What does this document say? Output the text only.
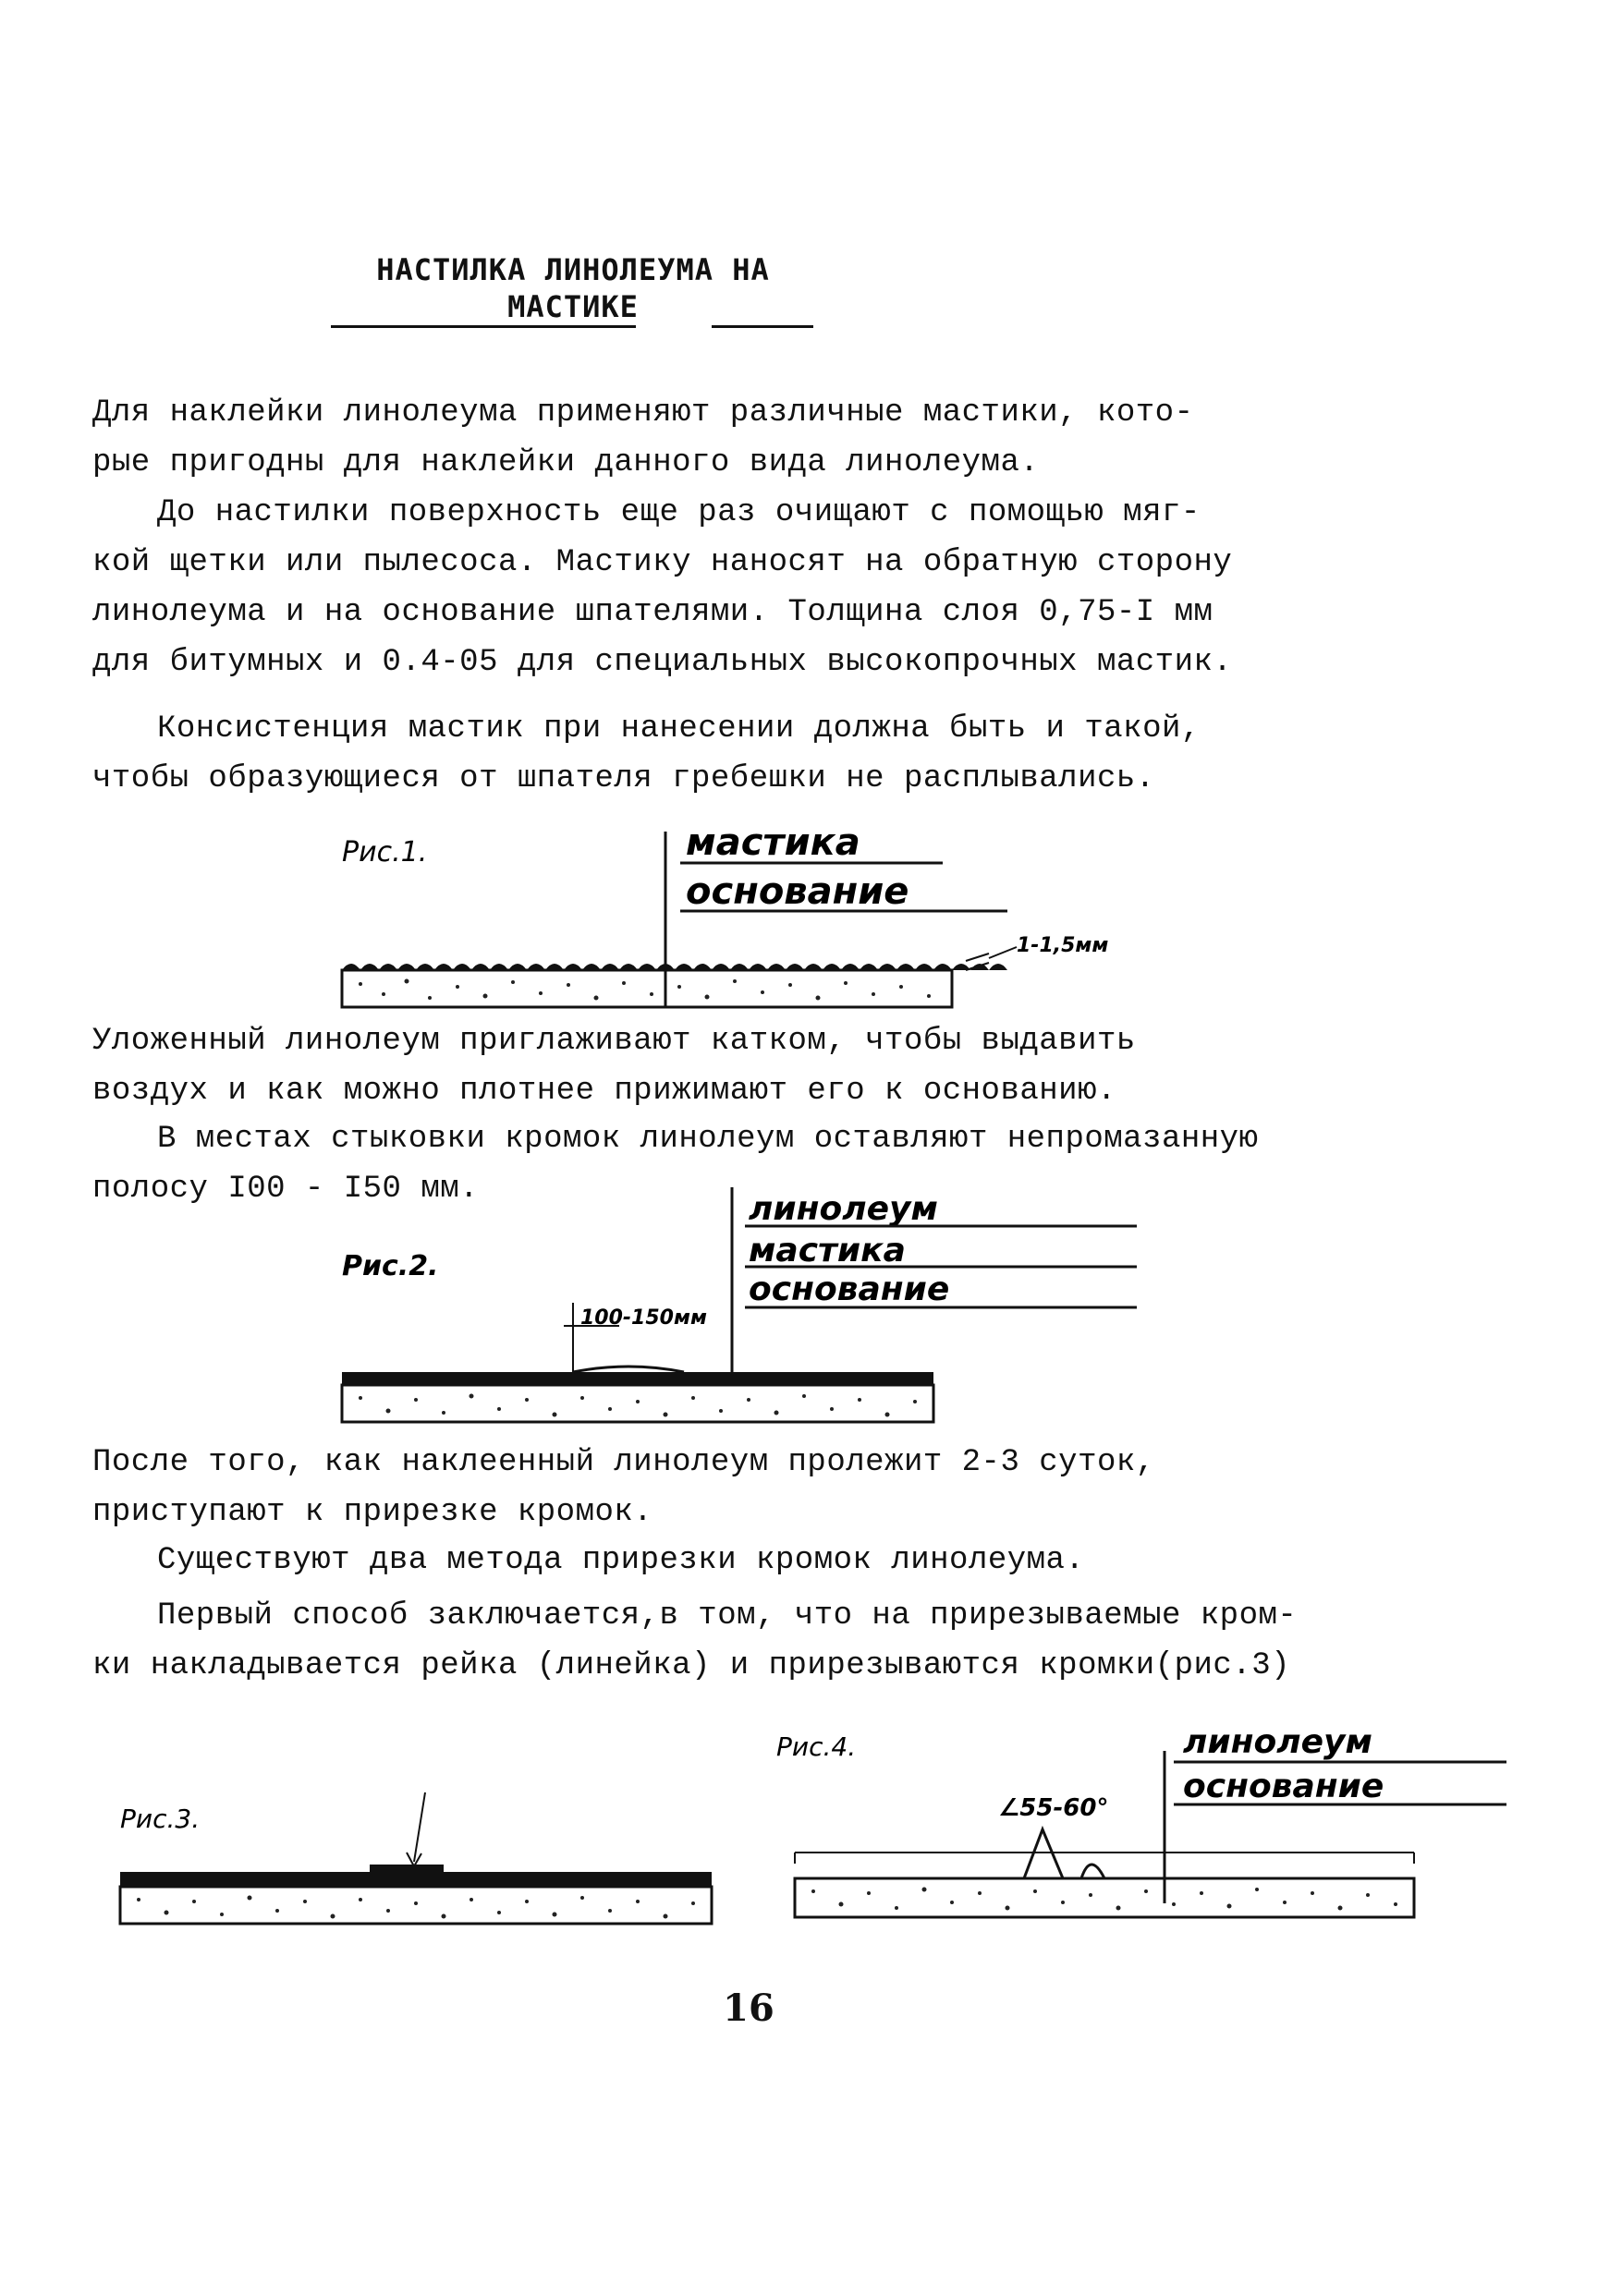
НАСТИЛКА ЛИНОЛЕУМА НА
МАСТИКЕ

Для наклейки линолеума применяют различные мастики, кото-
рые пригодны для наклейки данного вида линолеума.

До настилки поверхность еще раз очищают с помощью мяг-
кой щетки или пылесоса. Мастику наносят на обратную сторону
линолеума и на основание шпателями. Толщина слоя 0,75-I мм
для битумных и 0.4-05 для специальных высокопрочных мастик.

Консистенция мастик при нанесении должна быть и такой,
чтобы образующиеся от шпателя гребешки не расплывались.

Рис.1.	мастика
основание
1-1,5мм

Уложенный линолеум приглаживают катком, чтобы выдавить
воздух и как можно плотнее прижимают его к основанию.

В местах стыковки кромок линолеум оставляют непромазанную
полосу I00 - I50 мм.

Рис.2.
линолеум
мастика
основание
100-150мм

После того, как наклеенный линолеум пролежит 2-3 суток,
приступают к прирезке кромок.

Существуют два метода прирезки кромок линолеума.

Первый способ заключается,в том, что на прирезываемые кром-
ки накладывается рейка (линейка) и прирезываются кромки(рис.3)

Рис.3.
Рис.4.	линолеум
основание
∠55-60°
16
